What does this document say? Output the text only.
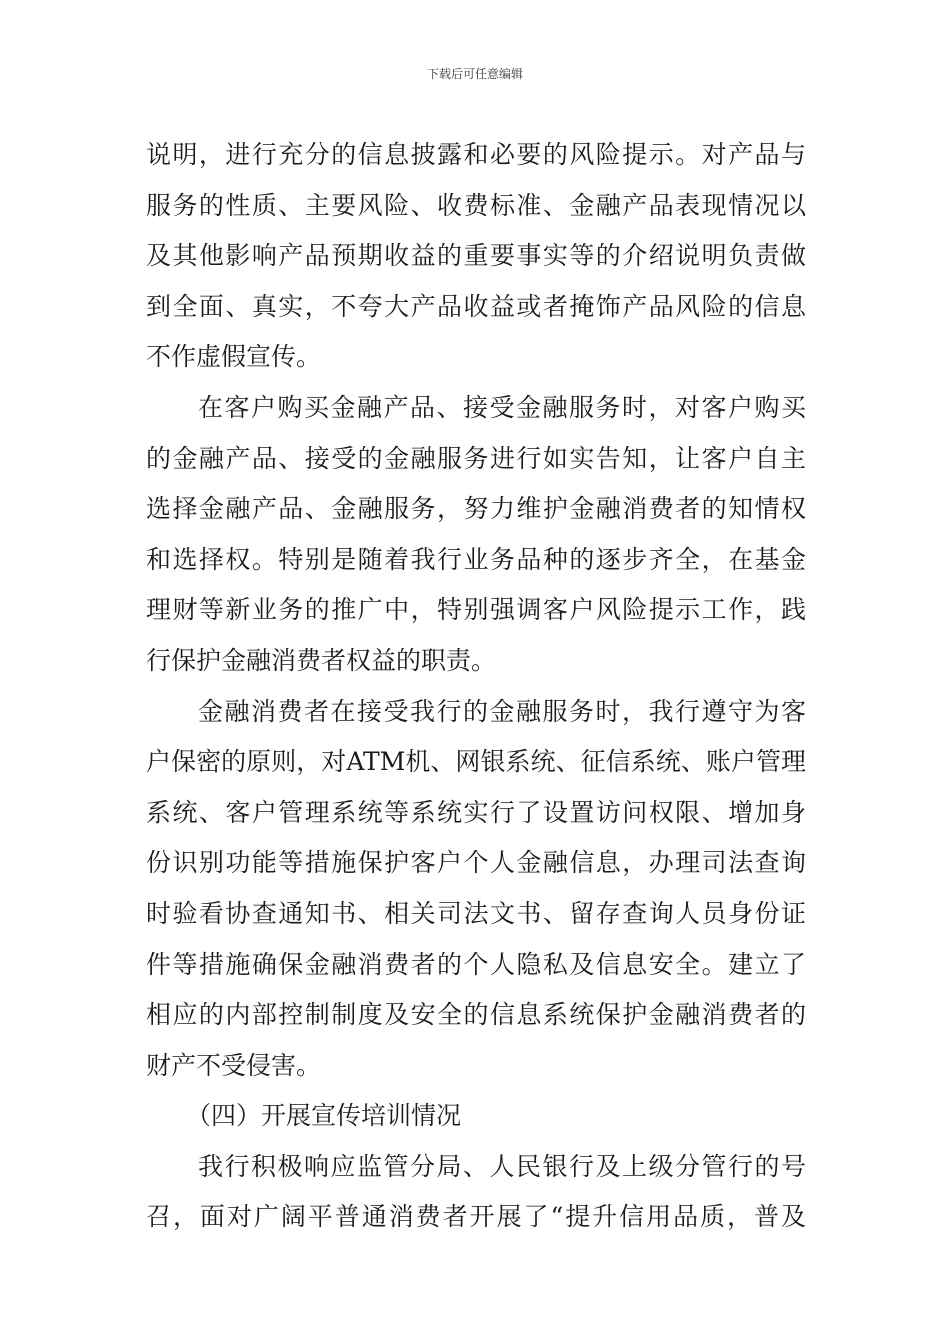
下载后可任意编辑
说明，进行充分的信息披露和必要的风险提示。对产品与
服务的性质、主要风险、收费标准、金融产品表现情况以
及其他影响产品预期收益的重要事实等的介绍说明负责做
到全面、真实，不夸大产品收益或者掩饰产品风险的信息
不作虚假宣传。
在客户购买金融产品、接受金融服务时，对客户购买
的金融产品、接受的金融服务进行如实告知，让客户自主
选择金融产品、金融服务，努力维护金融消费者的知情权
和选择权。特别是随着我行业务品种的逐步齐全，在基金
理财等新业务的推广中，特别强调客户风险提示工作，践
行保护金融消费者权益的职责。
金融消费者在接受我行的金融服务时，我行遵守为客
户保密的原则，对ATM机、网银系统、征信系统、账户管理
系统、客户管理系统等系统实行了设置访问权限、增加身
份识别功能等措施保护客户个人金融信息，办理司法查询
时验看协查通知书、相关司法文书、留存查询人员身份证
件等措施确保金融消费者的个人隐私及信息安全。建立了
相应的内部控制制度及安全的信息系统保护金融消费者的
财产不受侵害。
（四）开展宣传培训情况
我行积极响应监管分局、人民银行及上级分管行的号
召，面对广阔平普通消费者开展了“提升信用品质，普及
